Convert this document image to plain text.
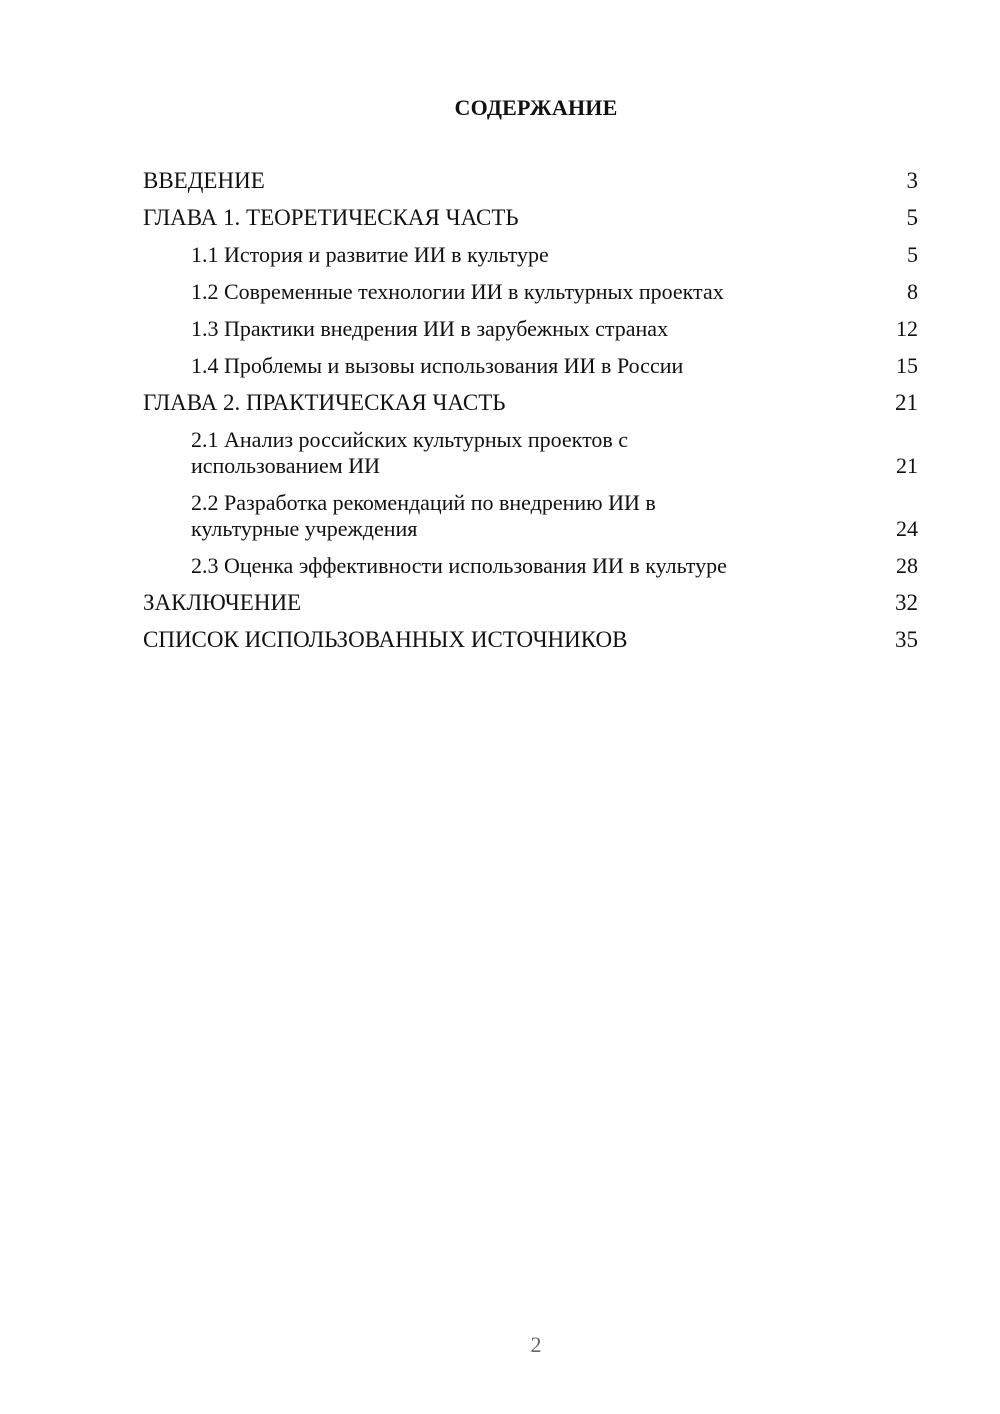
СОДЕРЖАНИЕ
ВВЕДЕНИЕ	3
ГЛАВА 1. ТЕОРЕТИЧЕСКАЯ ЧАСТЬ	5
1.1 История и развитие ИИ в культуре	5
1.2 Современные технологии ИИ в культурных проектах	8
1.3 Практики внедрения ИИ в зарубежных странах	12
1.4 Проблемы и вызовы использования ИИ в России	15
ГЛАВА 2. ПРАКТИЧЕСКАЯ ЧАСТЬ	21
2.1 Анализ российских культурных проектов с использованием ИИ	21
2.2 Разработка рекомендаций по внедрению ИИ в культурные учреждения	24
2.3 Оценка эффективности использования ИИ в культуре	28
ЗАКЛЮЧЕНИЕ	32
СПИСОК ИСПОЛЬЗОВАННЫХ ИСТОЧНИКОВ	35
2
